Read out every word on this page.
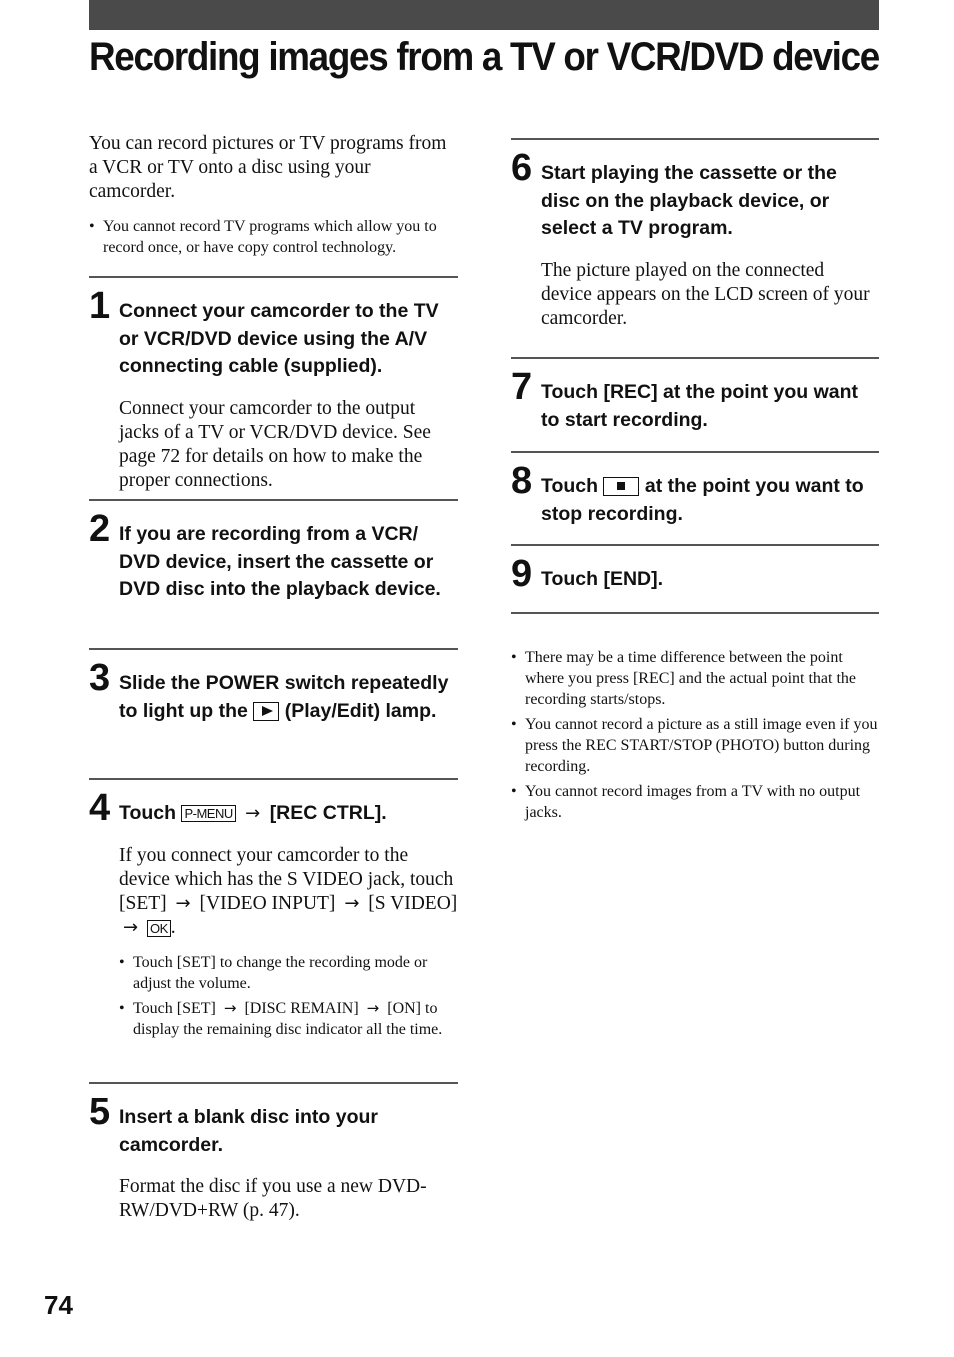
Recording images from a TV or VCR/DVD device

You can record pictures or TV programs from a VCR or TV onto a disc using your camcorder.

• You cannot record TV programs which allow you to record once, or have copy control technology.
1 Connect your camcorder to the TV or VCR/DVD device using the A/V connecting cable (supplied).

Connect your camcorder to the output jacks of a TV or VCR/DVD device. See page 72 for details on how to make the proper connections.

2 If you are recording from a VCR/ DVD device, insert the cassette or DVD disc into the playback device.

3 Slide the POWER switch repeatedly to light up the (Play/Edit) lamp.

4 Touch P-MENU → [REC CTRL].

If you connect your camcorder to the device which has the S VIDEO jack, touch [SET] → [VIDEO INPUT] → [S VIDEO] → OK .

• Touch [SET] to change the recording mode or adjust the volume.
• Touch [SET] → [DISC REMAIN] → [ON] to display the remaining disc indicator all the time.
5 Insert a blank disc into your camcorder.

Format the disc if you use a new DVD-RW/DVD+RW (p. 47).

6 Start playing the cassette or the disc on the playback device, or select a TV program.

The picture played on the connected device appears on the LCD screen of your camcorder.

7 Touch [REC] at the point you want to start recording.

8 Touch at the point you want to stop recording.

9 Touch [END].

• There may be a time difference between the point where you press [REC] and the actual point that the recording starts/stops.
• You cannot record a picture as a still image even if you press the REC START/STOP (PHOTO) button during recording.
• You cannot record images from a TV with no output jacks.
74
